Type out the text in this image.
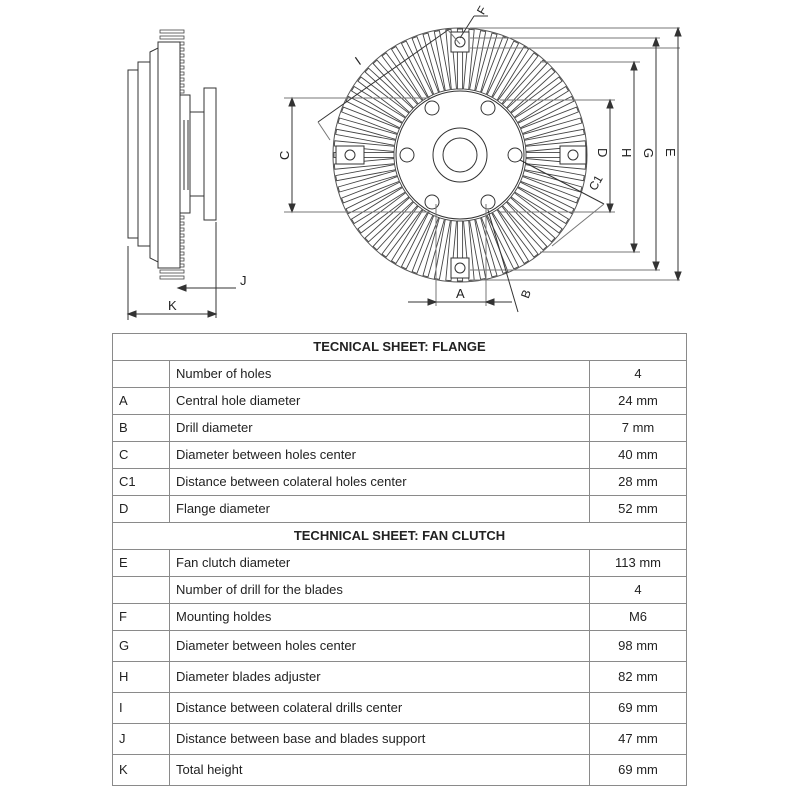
J
K
C
I
F
D H G E
C1
A	B
TECNICAL SHEET: FLANGE		
	Number of holes	4
A	Central hole diameter	24 mm
B	Drill diameter	7 mm
C	Diameter between holes center	40 mm
C1	Distance between colateral holes center	28 mm
D	Flange diameter	52 mm
TECHNICAL SHEET: FAN CLUTCH		
E	Fan clutch diameter	113 mm
	Number of drill for the blades	4
F	Mounting holdes	M6
G	Diameter between holes center	98 mm
H	Diameter blades adjuster	82 mm
I	Distance between colateral drills center	69 mm
J	Distance between base and blades support	47 mm
K	Total height	69 mm
